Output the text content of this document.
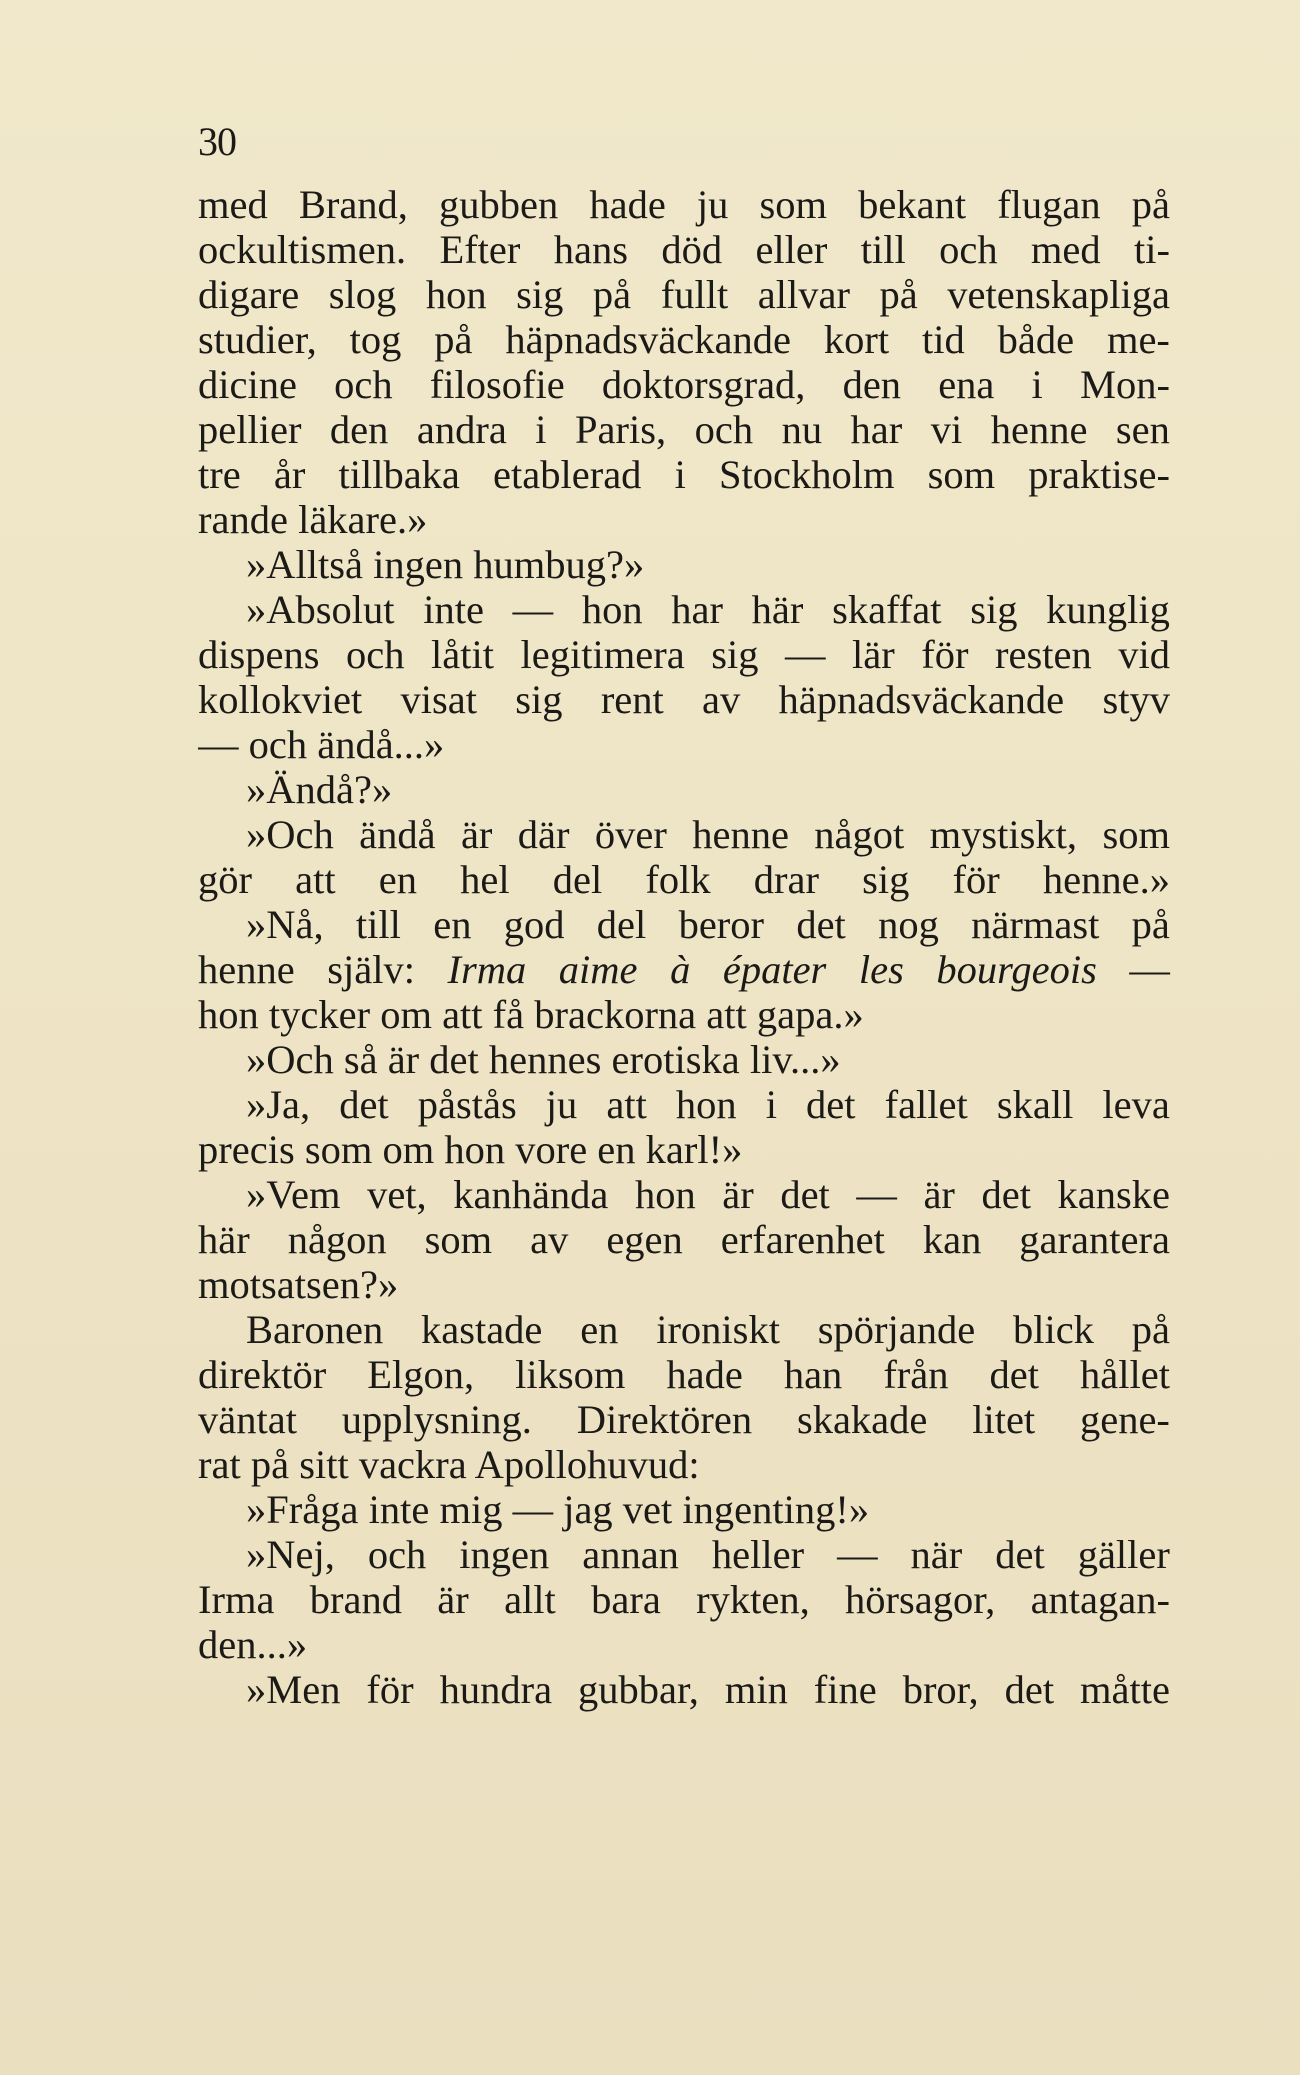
30
med Brand, gubben hade ju som bekant flugan på
ockultismen. Efter hans död eller till och med ti-
digare slog hon sig på fullt allvar på vetenskapliga
studier, tog på häpnadsväckande kort tid både me-
dicine och filosofie doktorsgrad, den ena i Mon-
pellier den andra i Paris, och nu har vi henne sen
tre år tillbaka etablerad i Stockholm som praktise-
rande läkare.»
»Alltså ingen humbug?»
»Absolut inte — hon har här skaffat sig kunglig
dispens och låtit legitimera sig — lär för resten vid
kollokviet visat sig rent av häpnadsväckande styv
— och ändå...»
»Ändå?»
»Och ändå är där över henne något mystiskt, som
gör att en hel del folk drar sig för henne.»
»Nå, till en god del beror det nog närmast på
henne själv: Irma aime à épater les bourgeois —
hon tycker om att få brackorna att gapa.»
»Och så är det hennes erotiska liv...»
»Ja, det påstås ju att hon i det fallet skall leva
precis som om hon vore en karl!»
»Vem vet, kanhända hon är det — är det kanske
här någon som av egen erfarenhet kan garantera
motsatsen?»
Baronen kastade en ironiskt spörjande blick på
direktör Elgon, liksom hade han från det hållet
väntat upplysning. Direktören skakade litet gene-
rat på sitt vackra Apollohuvud:
»Fråga inte mig — jag vet ingenting!»
»Nej, och ingen annan heller — när det gäller
Irma brand är allt bara rykten, hörsagor, antagan-
den...»
»Men för hundra gubbar, min fine bror, det måtte
